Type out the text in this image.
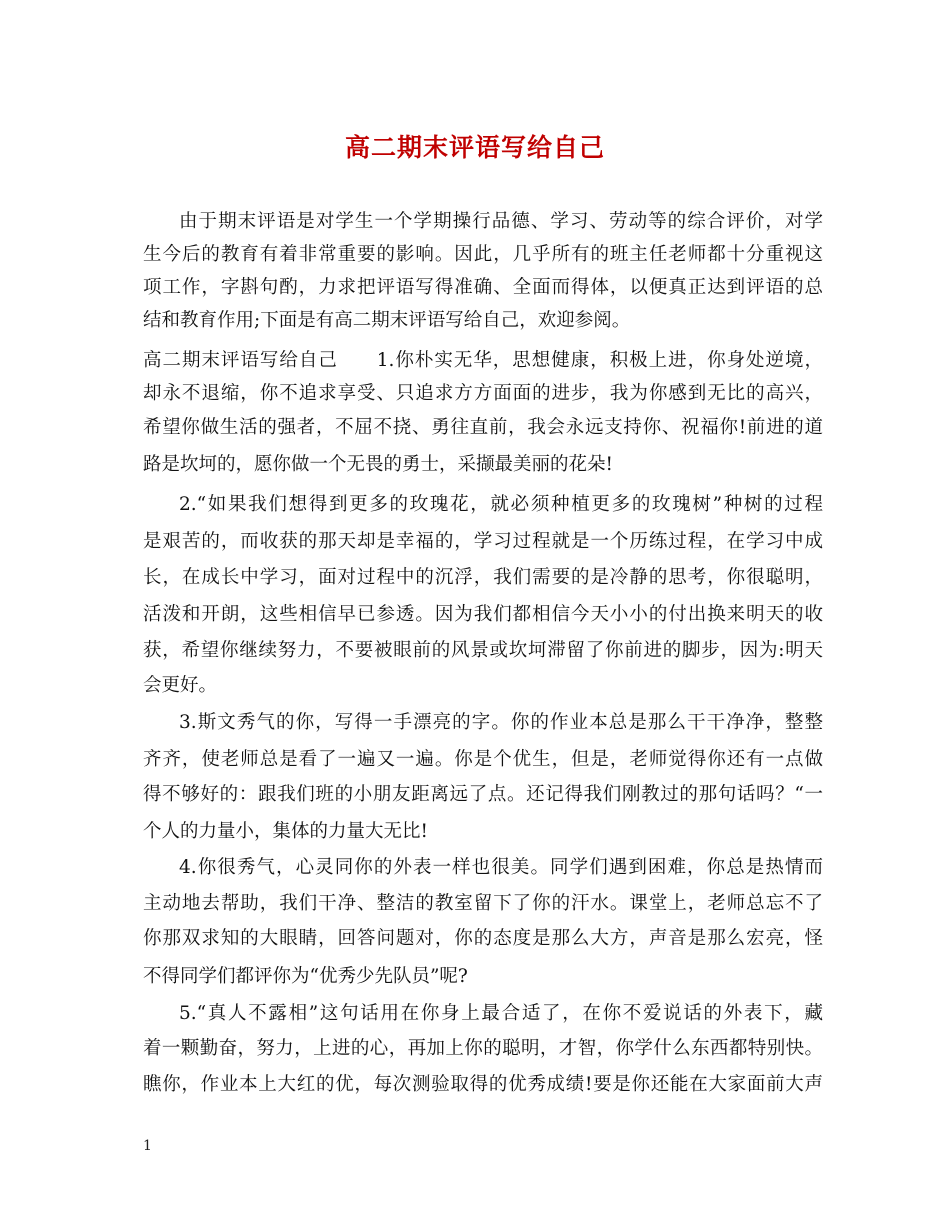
高二期末评语写给自己

由于期末评语是对学生一个学期操行品德、学习、劳动等的综合评价，对学

生今后的教育有着非常重要的影响。因此，几乎所有的班主任老师都十分重视这

项工作，字斟句酌，力求把评语写得准确、全面而得体，以便真正达到评语的总

结和教育作用;下面是有高二期末评语写给自己，欢迎参阅。

高二期末评语写给自己　　1.你朴实无华，思想健康，积极上进，你身处逆境，

却永不退缩，你不追求享受、只追求方方面面的进步，我为你感到无比的高兴，

希望你做生活的强者，不屈不挠、勇往直前，我会永远支持你、祝福你!前进的道

路是坎坷的，愿你做一个无畏的勇士，采撷最美丽的花朵!

2.“如果我们想得到更多的玫瑰花，就必须种植更多的玫瑰树”种树的过程

是艰苦的，而收获的那天却是幸福的，学习过程就是一个历练过程，在学习中成

长，在成长中学习，面对过程中的沉浮，我们需要的是冷静的思考，你很聪明，

活泼和开朗，这些相信早已参透。因为我们都相信今天小小的付出换来明天的收

获，希望你继续努力，不要被眼前的风景或坎坷滞留了你前进的脚步，因为:明天

会更好。

3.斯文秀气的你，写得一手漂亮的字。你的作业本总是那么干干净净，整整

齐齐，使老师总是看了一遍又一遍。你是个优生，但是，老师觉得你还有一点做

得不够好的：跟我们班的小朋友距离远了点。还记得我们刚教过的那句话吗？“一

个人的力量小，集体的力量大无比!

4.你很秀气，心灵同你的外表一样也很美。同学们遇到困难，你总是热情而

主动地去帮助，我们干净、整洁的教室留下了你的汗水。课堂上，老师总忘不了

你那双求知的大眼睛，回答问题对，你的态度是那么大方，声音是那么宏亮，怪

不得同学们都评你为“优秀少先队员”呢?

5.“真人不露相”这句话用在你身上最合适了，在你不爱说话的外表下，藏

着一颗勤奋，努力，上进的心，再加上你的聪明，才智，你学什么东西都特别快。

瞧你，作业本上大红的优，每次测验取得的优秀成绩!要是你还能在大家面前大声

1
